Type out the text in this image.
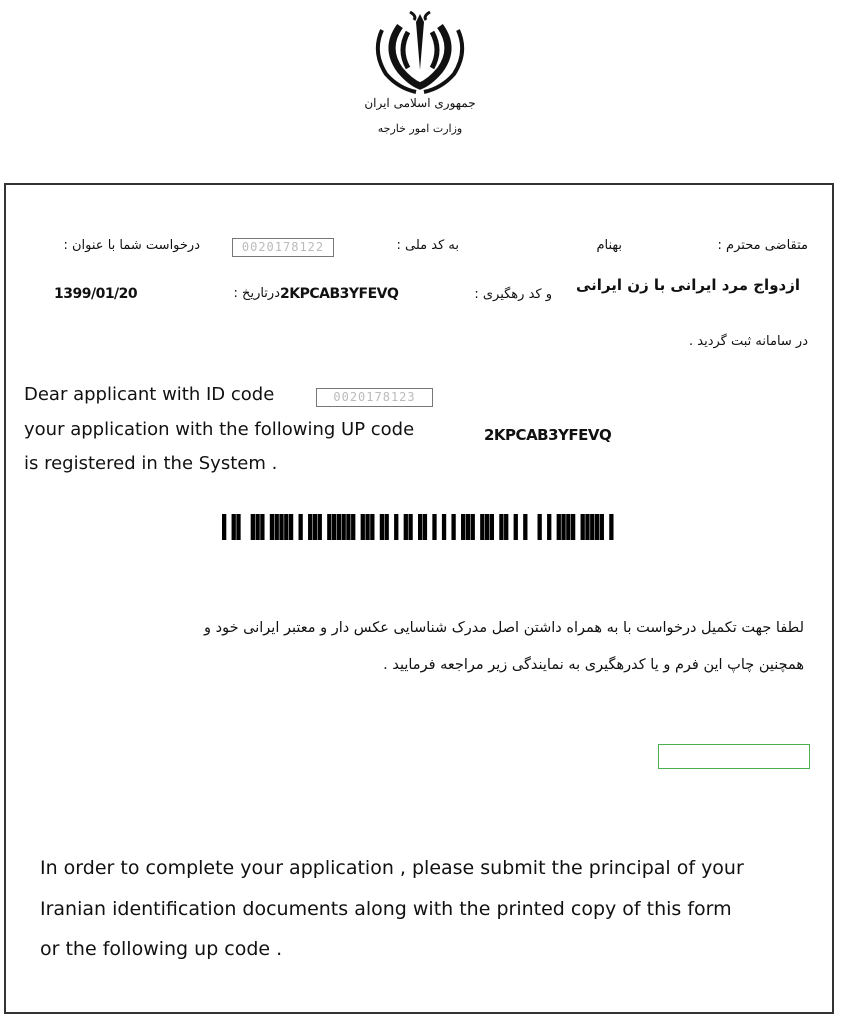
جمهوری اسلامی ایران
وزارت امور خارجه
متقاضی محترم :
بهنام
به کد ملی :
0020178122
درخواست شما با عنوان :
ازدواج مرد ایرانی با زن ایرانی
و کد رهگیری :
2KPCAB3YFEVQ
درتاریخ :
1399/01/20
در سامانه ثبت گردید .
Dear applicant with ID code	0020178123
your application with the following UP code	2KPCAB3YFEVQ
is registered in the System .
لطفا جهت تکمیل درخواست با به همراه داشتن اصل مدرک شناسایی عکس دار و معتبر ایرانی خود و
همچنین چاپ این فرم و یا کدرهگیری به نمایندگی زیر مراجعه فرمایید .
In order to complete your application , please submit the principal of your
Iranian identification documents along with the printed copy of this form
or the following up code .
